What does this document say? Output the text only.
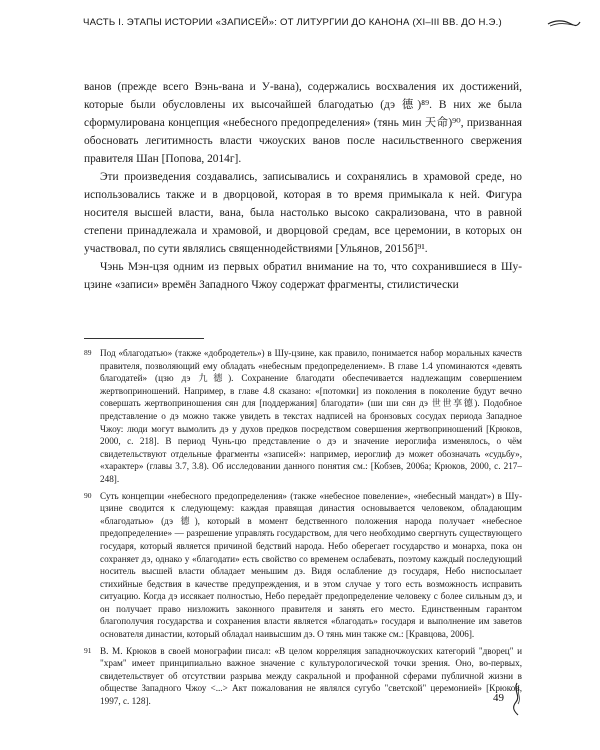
ЧАСТЬ I. ЭТАПЫ ИСТОРИИ «ЗАПИСЕЙ»: ОТ ЛИТУРГИИ ДО КАНОНА (XI–III ВВ. ДО Н.Э.)

ванов (прежде всего Вэнь-вана и У-вана), содержались восхваления их достижений, которые были обусловлены их высочайшей благодатью (дэ 德)⁸⁹. В них же была сформулирована концепция «небесного предопределения» (тянь мин 天命)⁹⁰, призванная обосновать легитимность власти чжоуских ванов после насильственного свержения правителя Шан [Попова, 2014г].

Эти произведения создавались, записывались и сохранялись в храмовой среде, но использовались также и в дворцовой, которая в то время примыкала к ней. Фигура носителя высшей власти, вана, была настолько высоко сакрализована, что в равной степени принадлежала и храмовой, и дворцовой средам, все церемонии, в которых он участвовал, по сути являлись священнодействиями [Ульянов, 2015б]⁹¹.

Чэнь Мэн-цзя одним из первых обратил внимание на то, что сохранившиеся в Шу-цзине «записи» времён Западного Чжоу содержат фрагменты, стилистически

89 Под «благодатью» (также «добродетель») в Шу-цзине, как правило, понимается набор моральных качеств правителя, позволяющий ему обладать «небесным предопределением». В главе 1.4 упоминаются «девять благодатей» (цзю дэ 九德). Сохранение благодати обеспечивается надлежащим совершением жертвоприношений. Например, в главе 4.8 сказано: «[потомки] из поколения в поколение будут вечно совершать жертвоприношения сян для [поддержания] благодати» (ши ши сян дэ 世世享德). Подобное представление о дэ можно также увидеть в текстах надписей на бронзовых сосудах периода Западное Чжоу: люди могут вымолить дэ у духов предков посредством совершения жертвоприношений [Крюков, 2000, с. 218]. В период Чунь-цю представление о дэ и значение иероглифа изменялось, о чём свидетельствуют отдельные фрагменты «записей»: например, иероглиф дэ может обозначать «судьбу», «характер» (главы 3.7, 3.8). Об исследовании данного понятия см.: [Кобзев, 2006а; Крюков, 2000, с. 217–248].
90 Суть концепции «небесного предопределения» (также «небесное повеление», «небесный мандат») в Шу-цзине сводится к следующему: каждая правящая династия основывается человеком, обладающим «благодатью» (дэ 德), который в момент бедственного положения народа получает «небесное предопределение» — разрешение управлять государством, для чего необходимо свергнуть существующего государя, который является причиной бедствий народа. Небо оберегает государство и монарха, пока он сохраняет дэ, однако у «благодати» есть свойство со временем ослабевать, поэтому каждый последующий носитель высшей власти обладает меньшим дэ. Видя ослабление дэ государя, Небо ниспосылает стихийные бедствия в качестве предупреждения, и в этом случае у того есть возможность исправить ситуацию. Когда дэ иссякает полностью, Небо передаёт предопределение человеку с более сильным дэ, и он получает право низложить законного правителя и занять его место. Единственным гарантом благополучия государства и сохранения власти является «благодать» государя и выполнение им заветов основателя династии, который обладал наивысшим дэ. О тянь мин также см.: [Кравцова, 2006].
91 В. М. Крюков в своей монографии писал: «В целом корреляция западночжоуских категорий "дворец" и "храм" имеет принципиально важное значение с культурологической точки зрения. Оно, во-первых, свидетельствует об отсутствии разрыва между сакральной и профанной сферами публичной жизни в обществе Западного Чжоу <...> Акт пожалования не являлся сугубо "светской" церемонией» [Крюков, 1997, с. 128].	49
